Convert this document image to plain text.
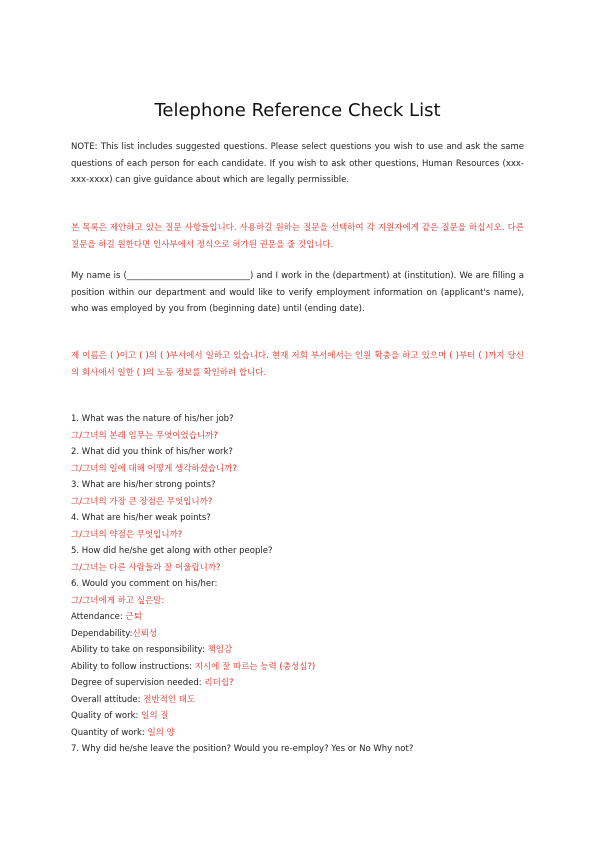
Telephone Reference Check List
NOTE: This list includes suggested questions. Please select questions you wish to use and ask the same questions of each person for each candidate. If you wish to ask other questions, Human Resources (xxx-xxx-xxxx) can give guidance about which are legally permissible.
본 목록은 제안하고 있는 질문 사항들입니다. 사용하길 원하는 질문을 선택하여 각 지원자에게 같은 질문을 하십시오. 다른 질문을 하길 원한다면 인사부에서 정식으로 허가된 권문을 줄 것입니다.
My name is (_____________________________) and I work in the (department) at (institution). We are filling a position within our department and would like to verify employment information on (applicant's name), who was employed by you from (beginning date) until (ending date).
제 이름은 ( )이고 ( )의 ( )부서에서 일하고 있습니다. 현재 저희 부서에서는 인원 확충을 하고 있으며 ( )부터 ( )까지 당신의 회사에서 일한 ( )의 노동 정보를 확인하려 합니다.
1. What was the nature of his/her job?
그/그녀의 본래 임무는 무엇이었습니까?
2. What did you think of his/her work?
그/그녀의 일에 대해 어떻게 생각하셨습니까?
3. What are his/her strong points?
그/그녀의 가장 큰 장점은 무엇입니까?
4. What are his/her weak points?
그/그녀의 약점은 무엇입니까?
5. How did he/she get along with other people?
그/그녀는 다른 사람들과 잘 어울립니까?
6. Would you comment on his/her:
그/그녀에게 하고 싶은말:
Attendance: 근퇴
Dependability:신뢰성
Ability to take on responsibility: 책임감
Ability to follow instructions: 지시에 잘 따르는 능력 (충성심?)
Degree of supervision needed: 리더쉽?
Overall attitude: 전반적인 태도
Quality of work: 일의 질
Quantity of work: 일의 양
7. Why did he/she leave the position? Would you re-employ? Yes or No Why not?
